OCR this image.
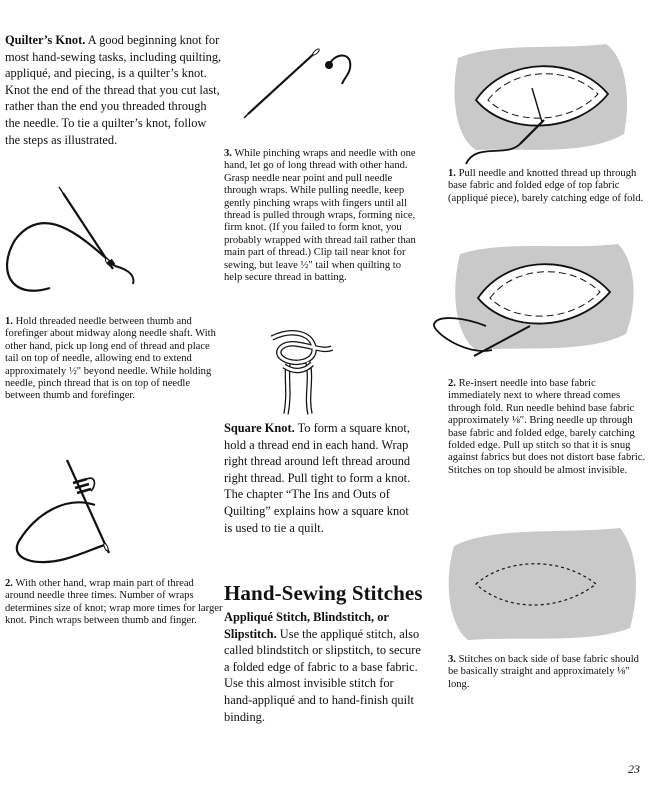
Quilter’s Knot. A good beginning knot for most hand-sewing tasks, including quilting, appliqué, and piecing, is a quilter’s knot. Knot the end of the thread that you cut last, rather than the end you threaded through the needle. To tie a quilter’s knot, follow the steps as illustrated.
1. Hold threaded needle between thumb and forefinger about midway along needle shaft. With other hand, pick up long end of thread and place tail on top of needle, allowing end to extend approximately ½" beyond needle. While holding needle, pinch thread that is on top of needle between thumb and forefinger.
2. With other hand, wrap main part of thread around needle three times. Number of wraps determines size of knot; wrap more times for larger knot. Pinch wraps between thumb and finger.
3. While pinching wraps and needle with one hand, let go of long thread with other hand. Grasp needle near point and pull needle through wraps. While pulling needle, keep gently pinching wraps with fingers until all thread is pulled through wraps, forming nice, firm knot. (If you failed to form knot, you probably wrapped with thread tail rather than main part of thread.) Clip tail near knot for sewing, but leave ½" tail when quilting to help secure thread in batting.
Square Knot. To form a square knot, hold a thread end in each hand. Wrap right thread around left thread around right thread. Pull tight to form a knot. The chapter “The Ins and Outs of Quilting” explains how a square knot is used to tie a quilt.
Hand-Sewing Stitches
Appliqué Stitch, Blindstitch, or Slipstitch. Use the appliqué stitch, also called blindstitch or slipstitch, to secure a folded edge of fabric to a base fabric. Use this almost invisible stitch for hand-appliqué and to hand-finish quilt binding.
1. Pull needle and knotted thread up through base fabric and folded edge of top fabric (appliqué piece), barely catching edge of fold.
2. Re-insert needle into base fabric immediately next to where thread comes through fold. Run needle behind base fabric approximately ⅛". Bring needle up through base fabric and folded edge, barely catching folded edge. Pull up stitch so that it is snug against fabrics but does not distort base fabric. Stitches on top should be almost invisible.
3. Stitches on back side of base fabric should be basically straight and approximately ⅛" long.
23
